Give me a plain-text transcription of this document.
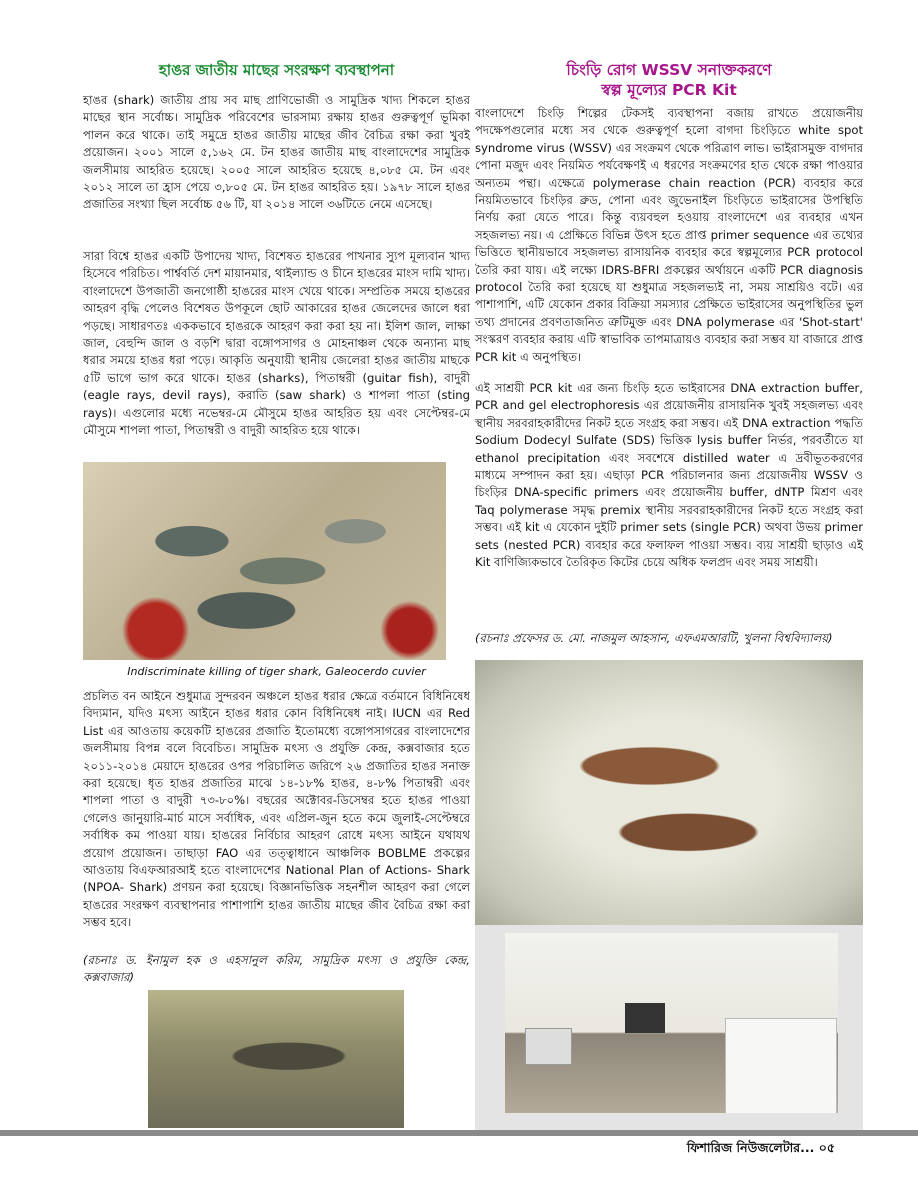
হাঙর জাতীয় মাছের সংরক্ষণ ব্যবস্থাপনা

হাঙর (shark) জাতীয় প্রায় সব মাছ প্রাণিভোজী ও সামুদ্রিক খাদ্য শিকলে হাঙর মাছের স্থান সর্বোচ্চ। সামুদ্রিক পরিবেশের ভারসাম্য রক্ষায় হাঙর গুরুত্বপূর্ণ ভূমিকা পালন করে থাকে। তাই সমুদ্রে হাঙর জাতীয় মাছের জীব বৈচিত্র রক্ষা করা খুবই প্রয়োজন। ২০০১ সালে ৫,১৬২ মে. টন হাঙর জাতীয় মাছ বাংলাদেশের সামুদ্রিক জলসীমায় আহরিত হয়েছে। ২০০৫ সালে আহরিত হয়েছে ৪,০৮৫ মে. টন এবং ২০১২ সালে তা হ্রাস পেয়ে ৩,৮০৫ মে. টন হাঙর আহরিত হয়। ১৯৭৮ সালে হাঙর প্রজাতির সংখ্যা ছিল সর্বোচ্চ ৫৬ টি, যা ২০১৪ সালে ৩৬টিতে নেমে এসেছে।

সারা বিশ্বে হাঙর একটি উপাদেয় খাদ্য, বিশেষত হাঙরের পাখনার স্যুপ মূল্যবান খাদ্য হিসেবে পরিচিত। পার্শ্ববর্তি দেশ মায়ানমার, থাইল্যান্ড ও চীনে হাঙরের মাংস দামি খাদ্য। বাংলাদেশে উপজাতী জনগোষ্ঠী হাঙরের মাংস খেয়ে থাকে। সম্প্রতিক সময়ে হাঙরের আহরণ বৃদ্ধি পেলেও বিশেষত উপকূলে ছোট আকারের হাঙর জেলেদের জালে ধরা পড়ছে। সাধারণতঃ এককভাবে হাঙরকে আহরণ করা করা হয় না। ইলিশ জাল, লাক্ষা জাল, বেহুন্দি জাল ও বড়শি দ্বারা বঙ্গোপসাগর ও মোহনাঞ্চল থেকে অন্যান্য মাছ ধরার সময়ে হাঙর ধরা পড়ে। আকৃতি অনুযায়ী স্থানীয় জেলেরা হাঙর জাতীয় মাছকে ৫টি ভাগে ভাগ করে থাকে। হাঙর (sharks), পিতাম্বরী (guitar fish), বাদুরী (eagle rays, devil rays), করাতি (saw shark) ও শাপলা পাতা (sting rays)। এগুলোর মধ্যে নভেম্বর-মে মৌসুমে হাঙর আহরিত হয় এবং সেপ্টেম্বর-মে মৌসুমে শাপলা পাতা, পিতাম্বরী ও বাদুরী আহরিত হয়ে থাকে।

Indiscriminate killing of tiger shark, Galeocerdo cuvier

প্রচলিত বন আইনে শুধুমাত্র সুন্দরবন অঞ্চলে হাঙর ধরার ক্ষেত্রে বর্তমানে বিধিনিষেধ বিদ্যমান, যদিও মৎস্য আইনে হাঙর ধরার কোন বিধিনিষেধ নাই। IUCN এর Red List এর আওতায় কয়েকটি হাঙরের প্রজাতি ইতোমধ্যে বঙ্গোপসাগরের বাংলাদেশের জলসীমায় বিপন্ন বলে বিবেচিত। সামুদ্রিক মৎস্য ও প্রযুক্তি কেন্দ্র, কক্সবাজার হতে ২০১১-২০১৪ মেয়াদে হাঙরের ওপর পরিচালিত জরিপে ২৬ প্রজাতির হাঙর সনাক্ত করা হয়েছে। ধৃত হাঙর প্রজাতির মাঝে ১৪-১৮% হাঙর, ৪-৮% পিতাম্বরী এবং শাপলা পাতা ও বাদুরী ৭৩-৮০%। বছরের অক্টোবর-ডিসেম্বর হতে হাঙর পাওয়া গেলেও জানুয়ারি-মার্চ মাসে সর্বাধিক, এবং এপ্রিল-জুন হতে কমে জুলাই-সেপ্টেম্বরে সর্বাধিক কম পাওয়া যায়। হাঙরের নির্বিচার আহরণ রোধে মৎস্য আইনে যথাযথ প্রয়োগ প্রয়োজন। তাছাড়া FAO এর তত্ত্বাধানে আঞ্চলিক BOBLME প্রকল্পের আওতায় বিএফআরআই হতে বাংলাদেশের National Plan of Actions- Shark (NPOA- Shark) প্রণয়ন করা হয়েছে। বিজ্ঞানভিত্তিক সহনশীল আহরণ করা গেলে হাঙরের সংরক্ষণ ব্যবস্থাপনার পাশাপাশি হাঙর জাতীয় মাছের জীব বৈচিত্র রক্ষা করা সম্ভব হবে।

(রচনাঃ ড. ইনামুল হক ও এহসানুল করিম, সামুদ্রিক মৎস্য ও প্রযুক্তি কেন্দ্র, কক্সবাজার)

চিংড়ি রোগ WSSV সনাক্তকরণে
স্বল্প মূল্যের PCR Kit

বাংলাদেশে চিংড়ি শিল্পের টেকসই ব্যবস্থাপনা বজায় রাখতে প্রয়োজনীয় পদক্ষেপগুলোর মধ্যে সব থেকে গুরুত্বপূর্ণ হলো বাগদা চিংড়িতে white spot syndrome virus (WSSV) এর সংক্রমণ থেকে পরিত্রাণ লাভ। ভাইরাসমুক্ত বাগদার পোনা মজুদ এবং নিয়মিত পর্যবেক্ষণই এ ধরণের সংক্রমণের হাত থেকে রক্ষা পাওয়ার অন্যতম পন্থা। এক্ষেত্রে polymerase chain reaction (PCR) ব্যবহার করে নিয়মিতভাবে চিংড়ির ব্রুড, পোনা এবং জুভেনাইল চিংড়িতে ভাইরাসের উপস্থিতি নির্ণয় করা যেতে পারে। কিন্তু ব্যয়বহুল হওয়ায় বাংলাদেশে এর ব্যবহার এখন সহজলভ্য নয়। এ প্রেক্ষিতে বিভিন্ন উৎস হতে প্রাপ্ত primer sequence এর তথ্যের ভিত্তিতে স্থানীয়ভাবে সহজলভ্য রাসায়নিক ব্যবহার করে স্বল্পমূল্যের PCR protocol তৈরি করা যায়। এই লক্ষ্যে IDRS-BFRI প্রকল্পের অর্থায়নে একটি PCR diagnosis protocol তৈরি করা হয়েছে যা শুধুমাত্র সহজলভ্যই না, সময় সাশ্রয়িও বটে। এর পাশাপাশি, এটি যেকোন প্রকার বিক্রিয়া সমস্যার প্রেক্ষিতে ভাইরাসের অনুপস্থিতির ভুল তথ্য প্রদানের প্রবণতাজনিত ত্রুটিমুক্ত এবং DNA polymerase এর 'Shot-start' সংস্করণ ব্যবহার করায় এটি স্বাভাবিক তাপমাত্রায়ও ব্যবহার করা সম্ভব যা বাজারে প্রাপ্ত PCR kit এ অনুপস্থিত।

এই সাশ্রয়ী PCR kit এর জন্য চিংড়ি হতে ভাইরাসের DNA extraction buffer, PCR and gel electrophoresis এর প্রয়োজনীয় রাসায়নিক খুবই সহজলভ্য এবং স্থানীয় সরবরাহকারীদের নিকট হতে সংগ্রহ করা সম্ভব। এই DNA extraction পদ্ধতি Sodium Dodecyl Sulfate (SDS) ভিত্তিক lysis buffer নির্ভর, পরবর্তীতে যা ethanol precipitation এবং সবশেষে distilled water এ দ্রবীভূতকরণের মাধ্যমে সম্পাদন করা হয়। এছাড়া PCR পরিচালনার জন্য প্রয়োজনীয় WSSV ও চিংড়ির DNA-specific primers এবং প্রয়োজনীয় buffer, dNTP মিশ্রণ এবং Taq polymerase সমৃদ্ধ premix স্থানীয় সরবরাহকারীদের নিকট হতে সংগ্রহ করা সম্ভব। এই kit এ যেকোন দুইটি primer sets (single PCR) অথবা উভয় primer sets (nested PCR) ব্যবহার করে ফলাফল পাওয়া সম্ভব। ব্যয় সাশ্রয়ী ছাড়াও এই Kit বাণিজ্যিকভাবে তৈরিকৃত কিটের চেয়ে অধিক ফলপ্রদ এবং সময় সাশ্রয়ী।

(রচনাঃ প্রফেসর ড. মো. নাজমুল আহসান, এফএমআরটি, খুলনা বিশ্ববিদ্যালয়)

ফিশারিজ নিউজলেটার... ০৫
